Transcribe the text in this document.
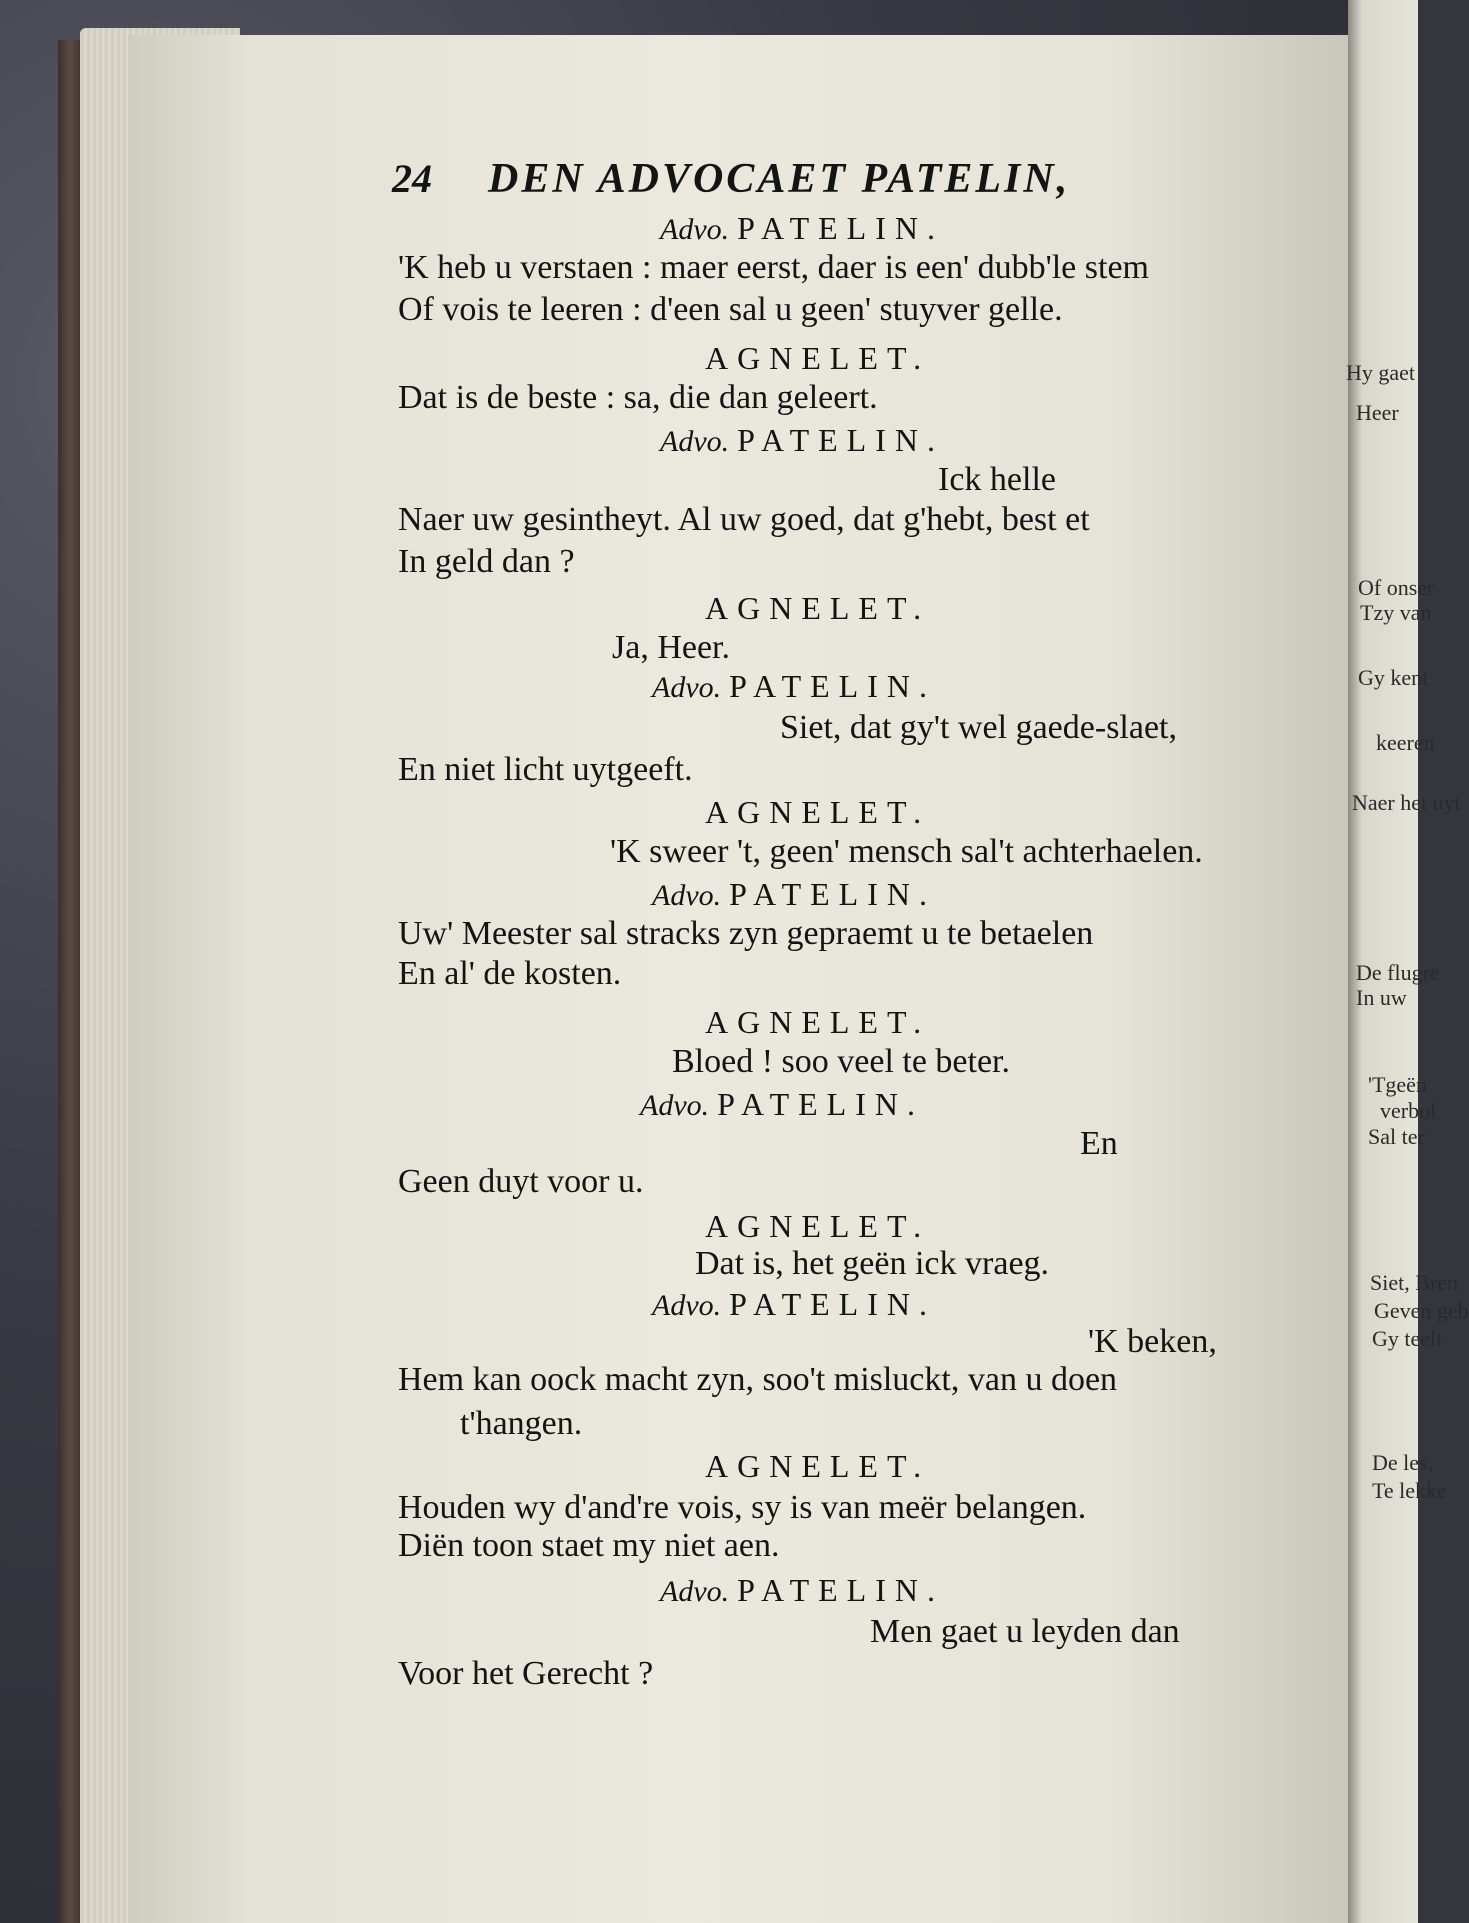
Heer
Hy gaet
Of onser
Tzy van
Gy kent
keeren
Naer het uyt
De flugre
In uw
'Tgeën
verbol
Sal ter
Siet, Bren
Geven geb
Gy teelt
De les,
Te lekke
24 DEN ADVOCAET PATELIN,
Advo. PATELIN.
'K heb u verstaen : maer eerst, daer is een' dubb'le stem
Of vois te leeren : d'een sal u geen' stuyver gelle.
AGNELET.
Dat is de beste : sa, die dan geleert.
Advo. PATELIN.
Ick helle
Naer uw gesintheyt. Al uw goed, dat g'hebt, best et
In geld dan ?
AGNELET.
Ja, Heer.
Advo. PATELIN.
Siet, dat gy't wel gaede-slaet,
En niet licht uytgeeft.
AGNELET.
'K sweer 't, geen' mensch sal't achterhaelen.
Advo. PATELIN.
Uw' Meester sal stracks zyn gepraemt u te betaelen
En al' de kosten.
AGNELET.
Bloed ! soo veel te beter.
Advo. PATELIN.
En
Geen duyt voor u.
AGNELET.
Dat is, het geën ick vraeg.
Advo. PATELIN.
'K beken,
Hem kan oock macht zyn, soo't misluckt, van u doen
t'hangen.
AGNELET.
Houden wy d'and're vois, sy is van meër belangen.
Diën toon staet my niet aen.
Advo. PATELIN.
Men gaet u leyden dan
Voor het Gerecht ?
